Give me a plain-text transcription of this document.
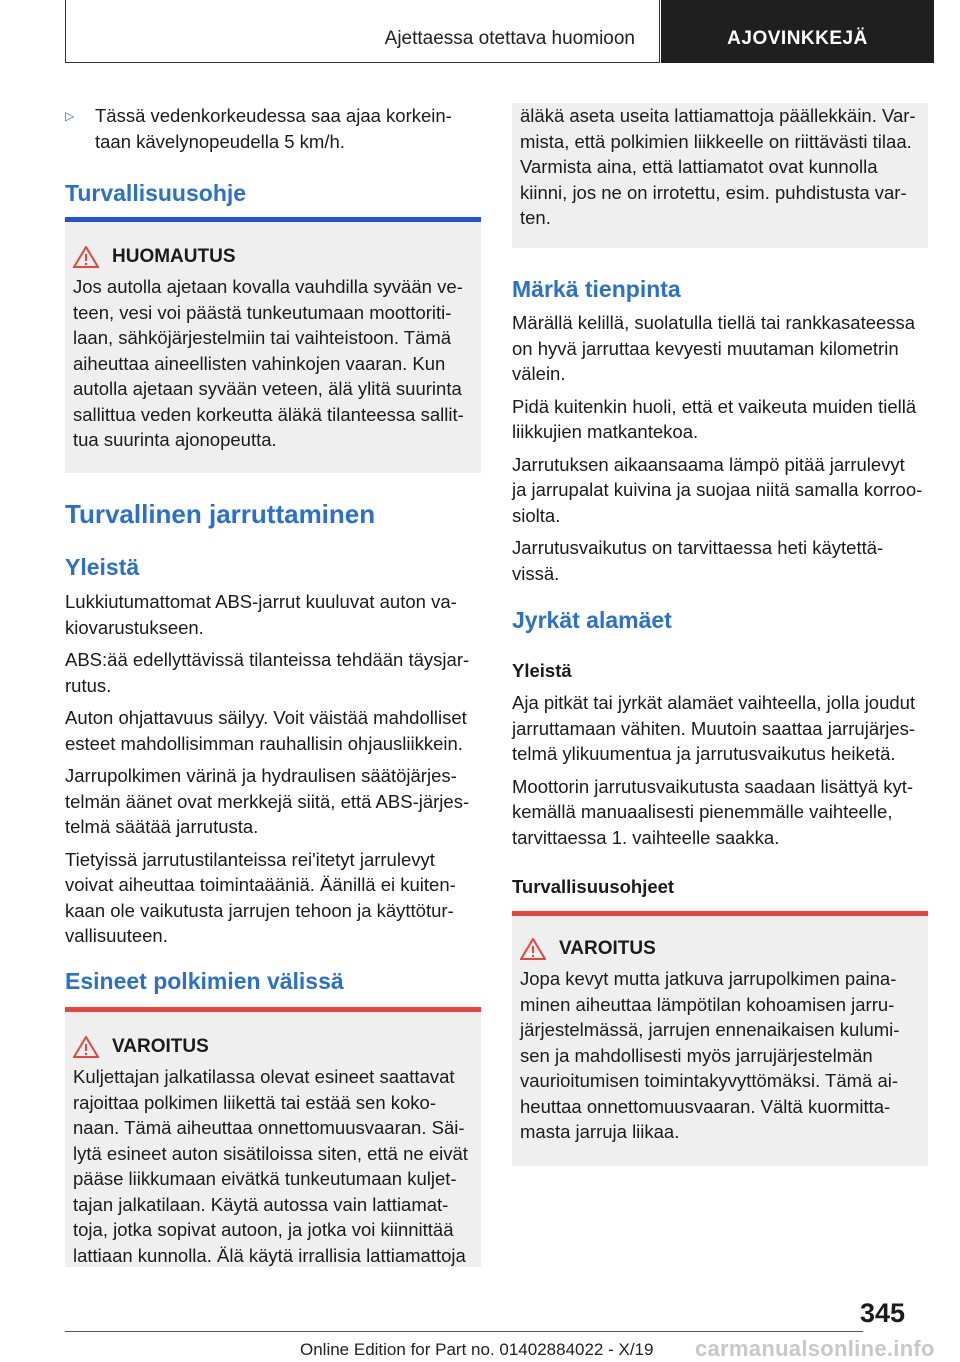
Ajettaessa otettava huomioon	AJOVINKKEJÄ
▷ Tässä vedenkorkeudessa saa ajaa korkein-
taan kävelynopeudella 5 km/h.
Turvallisuusohje
HUOMAUTUS
Jos autolla ajetaan kovalla vauhdilla syvään ve-
teen, vesi voi päästä tunkeutumaan moottoriti-
laan, sähköjärjestelmiin tai vaihteistoon. Tämä
aiheuttaa aineellisten vahinkojen vaaran. Kun
autolla ajetaan syvään veteen, älä ylitä suurinta
sallittua veden korkeutta äläkä tilanteessa sallit-
tua suurinta ajonopeutta.
Turvallinen jarruttaminen
Yleistä
Lukkiutumattomat ABS-jarrut kuuluvat auton va-
kiovarustukseen.
ABS:ää edellyttävissä tilanteissa tehdään täysjar-
rutus.
Auton ohjattavuus säilyy. Voit väistää mahdolliset
esteet mahdollisimman rauhallisin ohjausliikkein.
Jarrupolkimen värinä ja hydraulisen säätöjärjes-
telmän äänet ovat merkkejä siitä, että ABS-järjes-
telmä säätää jarrutusta.
Tietyissä jarrutustilanteissa rei'itetyt jarrulevyt
voivat aiheuttaa toimintaääniä. Äänillä ei kuiten-
kaan ole vaikutusta jarrujen tehoon ja käyttötur-
vallisuuteen.
Esineet polkimien välissä
VAROITUS
Kuljettajan jalkatilassa olevat esineet saattavat
rajoittaa polkimen liikettä tai estää sen koko-
naan. Tämä aiheuttaa onnettomuusvaaran. Säi-
lytä esineet auton sisätiloissa siten, että ne eivät
pääse liikkumaan eivätkä tunkeutumaan kuljet-
tajan jalkatilaan. Käytä autossa vain lattiamat-
toja, jotka sopivat autoon, ja jotka voi kiinnittää
lattiaan kunnolla. Älä käytä irrallisia lattiamattoja
äläkä aseta useita lattiamattoja päällekkäin. Var-
mista, että polkimien liikkeelle on riittävästi tilaa.
Varmista aina, että lattiamatot ovat kunnolla
kiinni, jos ne on irrotettu, esim. puhdistusta var-
ten.
Märkä tienpinta
Märällä kelillä, suolatulla tiellä tai rankkasateessa
on hyvä jarruttaa kevyesti muutaman kilometrin
välein.
Pidä kuitenkin huoli, että et vaikeuta muiden tiellä
liikkujien matkantekoa.
Jarrutuksen aikaansaama lämpö pitää jarrulevyt
ja jarrupalat kuivina ja suojaa niitä samalla korroo-
siolta.
Jarrutusvaikutus on tarvittaessa heti käytettä-
vissä.
Jyrkät alamäet
Yleistä
Aja pitkät tai jyrkät alamäet vaihteella, jolla joudut
jarruttamaan vähiten. Muutoin saattaa jarrujärjes-
telmä ylikuumentua ja jarrutusvaikutus heiketä.
Moottorin jarrutusvaikutusta saadaan lisättyä kyt-
kemällä manuaalisesti pienemmälle vaihteelle,
tarvittaessa 1. vaihteelle saakka.
Turvallisuusohjeet
VAROITUS
Jopa kevyt mutta jatkuva jarrupolkimen paina-
minen aiheuttaa lämpötilan kohoamisen jarru-
järjestelmässä, jarrujen ennenaikaisen kulumi-
sen ja mahdollisesti myös jarrujärjestelmän
vaurioitumisen toimintakyvyttömäksi. Tämä ai-
heuttaa onnettomuusvaaran. Vältä kuormitta-
masta jarruja liikaa.
345
Online Edition for Part no. 01402884022 - X/19 carmanualsonline.info
